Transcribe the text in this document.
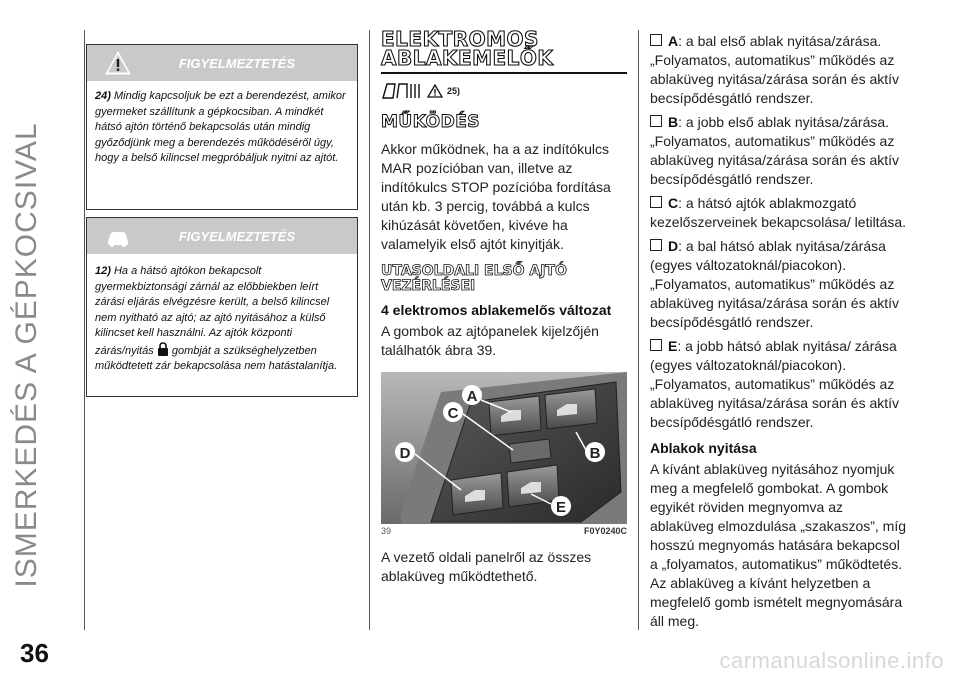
ISMERKEDÉS A GÉPKOCSIVAL
36	carmanualsonline.info
FIGYELMEZTETÉS
24) Mindig kapcsoljuk be ezt a berendezést, amikor gyermeket szállítunk a gépkocsiban. A mindkét hátsó ajtón történő bekapcsolás után mindig győződjünk meg a berendezés működéséről úgy, hogy a belső kilincsel megpróbáljuk nyitni az ajtót.
FIGYELMEZTETÉS
12) Ha a hátsó ajtókon bekapcsolt gyermekbiztonsági zárnál az előbbiekben leírt zárási eljárás elvégzésre került, a belső kilincsel nem nyitható az ajtó; az ajtó nyitásához a külső kilincset kell használni. Az ajtók központi zárás/nyitás gombját a szükséghelyzetben működtetett zár bekapcsolása nem hatástalanítja.
ELEKTROMOS
ABLAKEMELŐK
25)
MŰKÖDÉS

Akkor működnek, ha a az indítókulcs MAR pozícióban van, illetve az indítókulcs STOP pozícióba fordítása után kb. 3 percig, továbbá a kulcs kihúzását követően, kivéve ha valamelyik első ajtót kinyitják.

UTASOLDALI ELSŐ AJTÓ
VEZÉRLÉSEI
4 elektromos ablakemelős változat

A gombok az ajtópanelek kijelzőjén találhatók ábra 39.

A
B
C
D
E
39	F0Y0240C

A vezető oldali panelről az összes ablaküveg működtethető.

A: a bal első ablak nyitása/zárása. „Folyamatos, automatikus” működés az ablaküveg nyitása/zárása során és aktív becsípődésgátló rendszer.

B: a jobb első ablak nyitása/zárása. „Folyamatos, automatikus” működés az ablaküveg nyitása/zárása során és aktív becsípődésgátló rendszer.

C: a hátsó ajtók ablakmozgató kezelőszerveinek bekapcsolása/ letiltása.

D: a bal hátsó ablak nyitása/zárása (egyes változatoknál/piacokon). „Folyamatos, automatikus” működés az ablaküveg nyitása/zárása során és aktív becsípődésgátló rendszer.

E: a jobb hátsó ablak nyitása/ zárása (egyes változatoknál/piacokon). „Folyamatos, automatikus” működés az ablaküveg nyitása/zárása során és aktív becsípődésgátló rendszer.

Ablakok nyitása

A kívánt ablaküveg nyitásához nyomjuk meg a megfelelő gombokat. A gombok egyikét röviden megnyomva az ablaküveg elmozdulása „szakaszos”, míg hosszú megnyomás hatására bekapcsol a „folyamatos, automatikus” működtetés. Az ablaküveg a kívánt helyzetben a megfelelő gomb ismételt megnyomására áll meg.
